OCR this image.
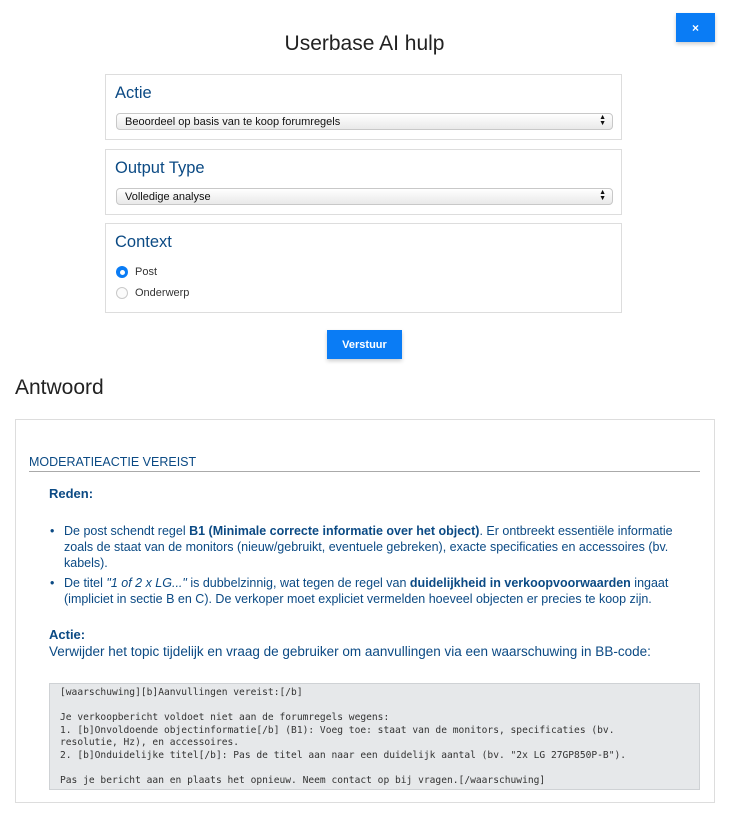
×
Userbase AI hulp
Actie
Beoordeel op basis van te koop forumregels	▲
▼
Output Type
Volledige analyse	▲
▼
Context
Post
Onderwerp
Verstuur
Antwoord
MODERATIEACTIE VEREIST
Reden:
• De post schendt regel B1 (Minimale correcte informatie over het object). Er ontbreekt essentiële informatie zoals de staat van de monitors (nieuw/gebruikt, eventuele gebreken), exacte specificaties en accessoires (bv. kabels).
• De titel "1 of 2 x LG..." is dubbelzinnig, wat tegen de regel van duidelijkheid in verkoopvoorwaarden ingaat (impliciet in sectie B en C). De verkoper moet expliciet vermelden hoeveel objecten er precies te koop zijn.
Actie:
Verwijder het topic tijdelijk en vraag de gebruiker om aanvullingen via een waarschuwing in BB-code:
[waarschuwing][b]Aanvullingen vereist:[/b]

Je verkoopbericht voldoet niet aan de forumregels wegens:
1. [b]Onvoldoende objectinformatie[/b] (B1): Voeg toe: staat van de monitors, specificaties (bv.
resolutie, Hz), en accessoires.
2. [b]Onduidelijke titel[/b]: Pas de titel aan naar een duidelijk aantal (bv. "2x LG 27GP850P-B").

Pas je bericht aan en plaats het opnieuw. Neem contact op bij vragen.[/waarschuwing]
